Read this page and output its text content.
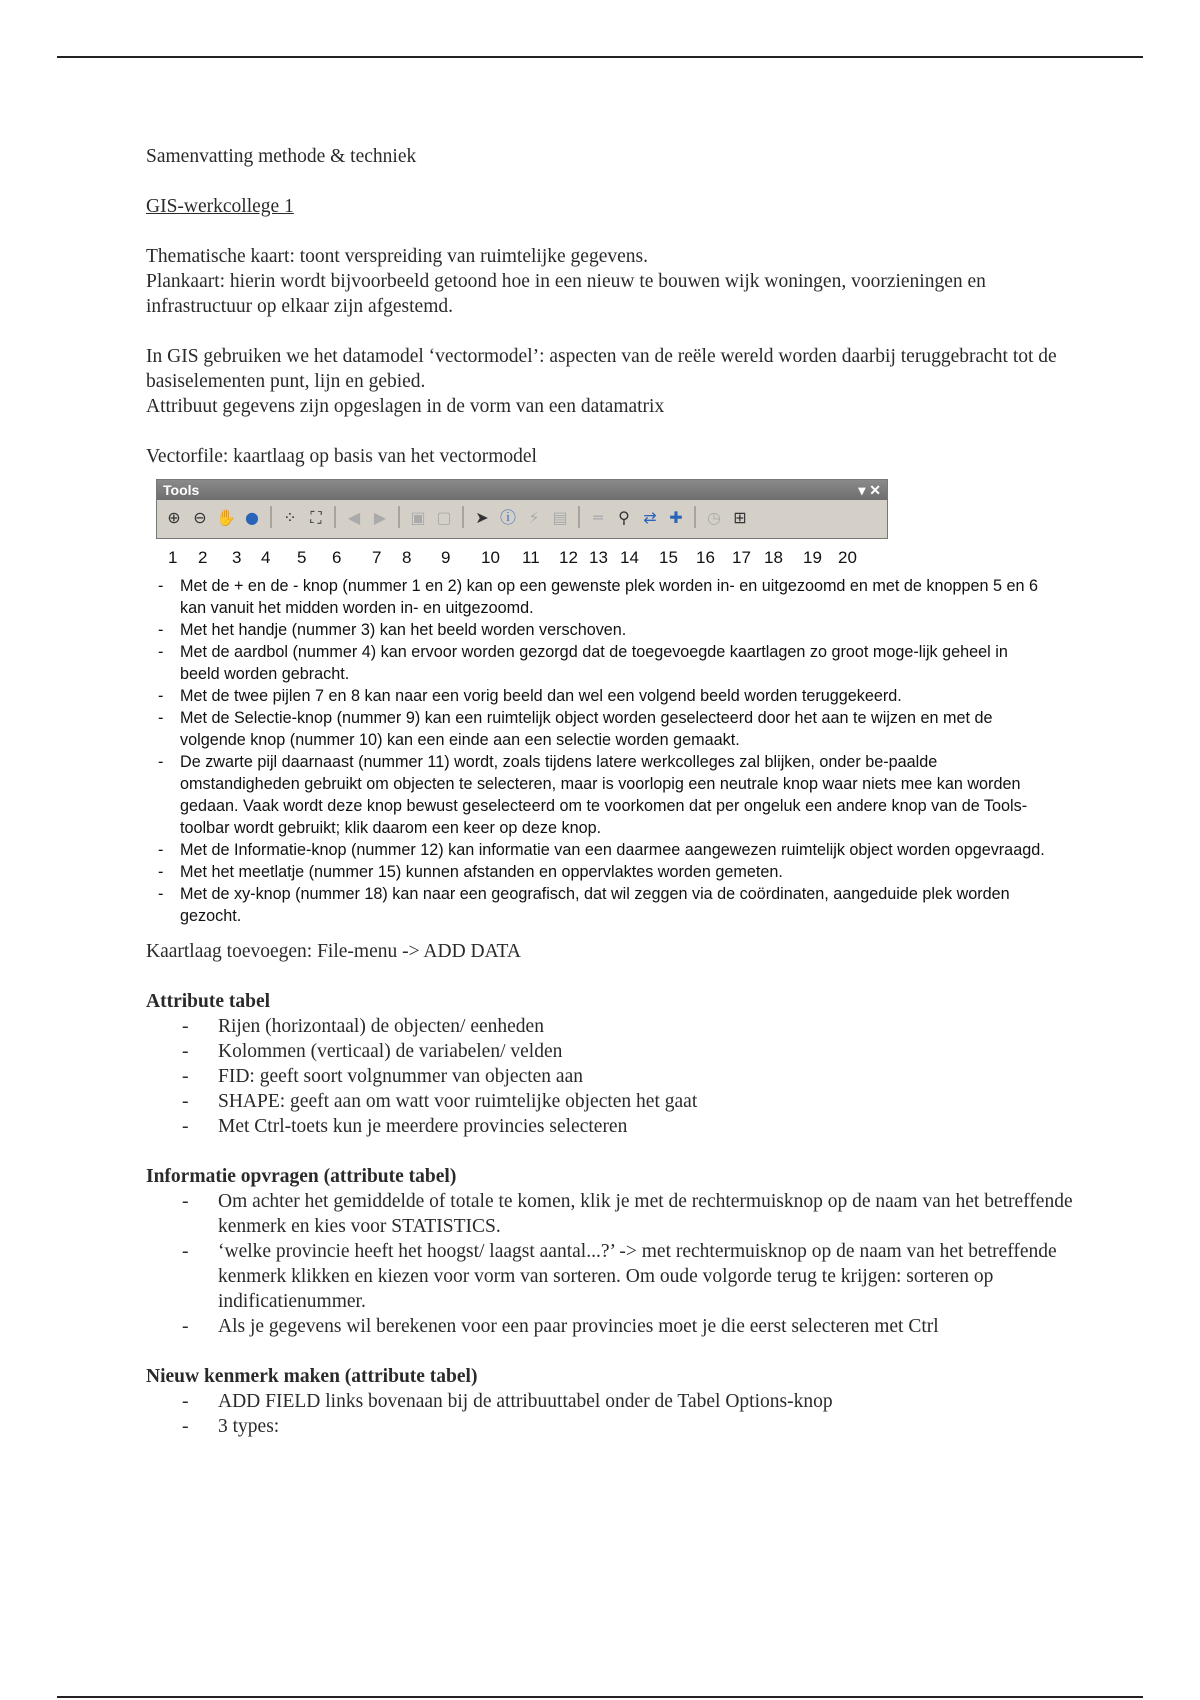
Samenvatting methode & techniek

GIS-werkcollege 1

Thematische kaart: toont verspreiding van ruimtelijke gegevens.

Plankaart: hierin wordt bijvoorbeeld getoond hoe in een nieuw te bouwen wijk woningen, voorzieningen en infrastructuur op elkaar zijn afgestemd.

In GIS gebruiken we het datamodel ‘vectormodel’: aspecten van de reële wereld worden daarbij teruggebracht tot de basiselementen punt, lijn en gebied.

Attribuut gegevens zijn opgeslagen in de vorm van een datamatrix

Vectorfile: kaartlaag op basis van het vectormodel

Tools	▾ ✕
⊕ ⊖ ✋ ●	⁘ ⛶	◀ ▶	▣ ▢	➤ ⓘ ⚡ ▤	═ ⚲ ⇄ ✚	◷ ⊞
1 2 3 4 5 6 7 8 9 10 11 12 13 14 15 16 17 18 19 20
- Met de + en de - knop (nummer 1 en 2) kan op een gewenste plek worden in- en uitgezoomd en met de knoppen 5 en 6 kan vanuit het midden worden in- en uitgezoomd.
- Met het handje (nummer 3) kan het beeld worden verschoven.
- Met de aardbol (nummer 4) kan ervoor worden gezorgd dat de toegevoegde kaartlagen zo groot moge-lijk geheel in beeld worden gebracht.
- Met de twee pijlen 7 en 8 kan naar een vorig beeld dan wel een volgend beeld worden teruggekeerd.
- Met de Selectie-knop (nummer 9) kan een ruimtelijk object worden geselecteerd door het aan te wijzen en met de volgende knop (nummer 10) kan een einde aan een selectie worden gemaakt.
- De zwarte pijl daarnaast (nummer 11) wordt, zoals tijdens latere werkcolleges zal blijken, onder be-paalde omstandigheden gebruikt om objecten te selecteren, maar is voorlopig een neutrale knop waar niets mee kan worden gedaan. Vaak wordt deze knop bewust geselecteerd om te voorkomen dat per ongeluk een andere knop van de Tools-toolbar wordt gebruikt; klik daarom een keer op deze knop.
- Met de Informatie-knop (nummer 12) kan informatie van een daarmee aangewezen ruimtelijk object worden opgevraagd.
- Met het meetlatje (nummer 15) kunnen afstanden en oppervlaktes worden gemeten.
- Met de xy-knop (nummer 18) kan naar een geografisch, dat wil zeggen via de coördinaten, aangeduide plek worden gezocht.

Kaartlaag toevoegen: File-menu -> ADD DATA

Attribute tabel

- Rijen (horizontaal) de objecten/ eenheden
- Kolommen (verticaal) de variabelen/ velden
- FID: geeft soort volgnummer van objecten aan
- SHAPE: geeft aan om watt voor ruimtelijke objecten het gaat
- Met Ctrl-toets kun je meerdere provincies selecteren

Informatie opvragen (attribute tabel)

- Om achter het gemiddelde of totale te komen, klik je met de rechtermuisknop op de naam van het betreffende kenmerk en kies voor STATISTICS.
- ‘welke provincie heeft het hoogst/ laagst aantal...?’ -> met rechtermuisknop op de naam van het betreffende kenmerk klikken en kiezen voor vorm van sorteren. Om oude volgorde terug te krijgen: sorteren op indificatienummer.
- Als je gegevens wil berekenen voor een paar provincies moet je die eerst selecteren met Ctrl

Nieuw kenmerk maken (attribute tabel)

- ADD FIELD links bovenaan bij de attribuuttabel onder de Tabel Options-knop
- 3 types:
